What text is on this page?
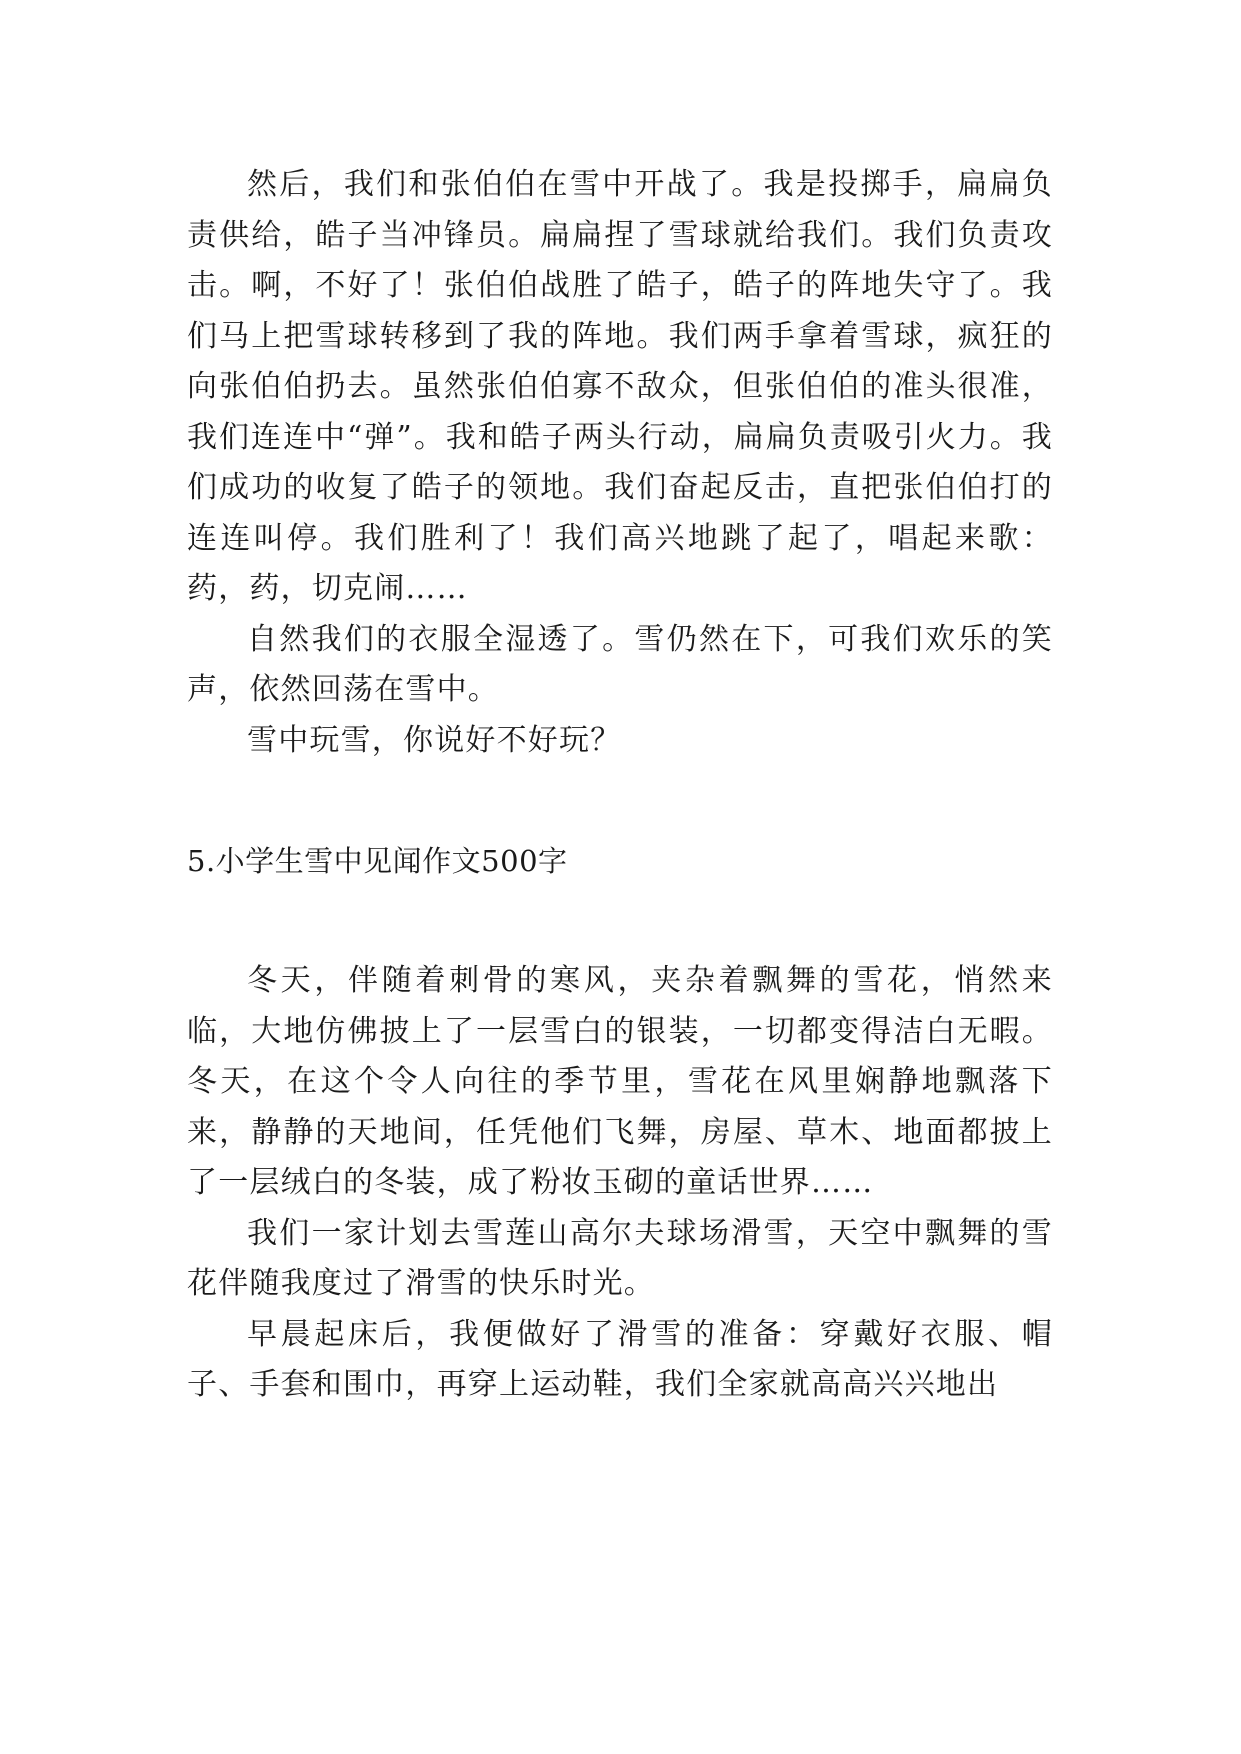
然后，我们和张伯伯在雪中开战了。我是投掷手，扁扁负责供给，皓子当冲锋员。扁扁捏了雪球就给我们。我们负责攻击。啊，不好了！张伯伯战胜了皓子，皓子的阵地失守了。我们马上把雪球转移到了我的阵地。我们两手拿着雪球，疯狂的向张伯伯扔去。虽然张伯伯寡不敌众，但张伯伯的准头很准，我们连连中“弹”。我和皓子两头行动，扁扁负责吸引火力。我们成功的收复了皓子的领地。我们奋起反击，直把张伯伯打的连连叫停。我们胜利了！我们高兴地跳了起了，唱起来歌：药，药，切克闹……

自然我们的衣服全湿透了。雪仍然在下，可我们欢乐的笑声，依然回荡在雪中。

雪中玩雪，你说好不好玩？

5.小学生雪中见闻作文500字

冬天，伴随着刺骨的寒风，夹杂着飘舞的雪花，悄然来临，大地仿佛披上了一层雪白的银装，一切都变得洁白无暇。冬天，在这个令人向往的季节里，雪花在风里娴静地飘落下来，静静的天地间，任凭他们飞舞，房屋、草木、地面都披上了一层绒白的冬装，成了粉妆玉砌的童话世界……

我们一家计划去雪莲山高尔夫球场滑雪，天空中飘舞的雪花伴随我度过了滑雪的快乐时光。

早晨起床后，我便做好了滑雪的准备：穿戴好衣服、帽子、手套和围巾，再穿上运动鞋，我们全家就高高兴兴地出
